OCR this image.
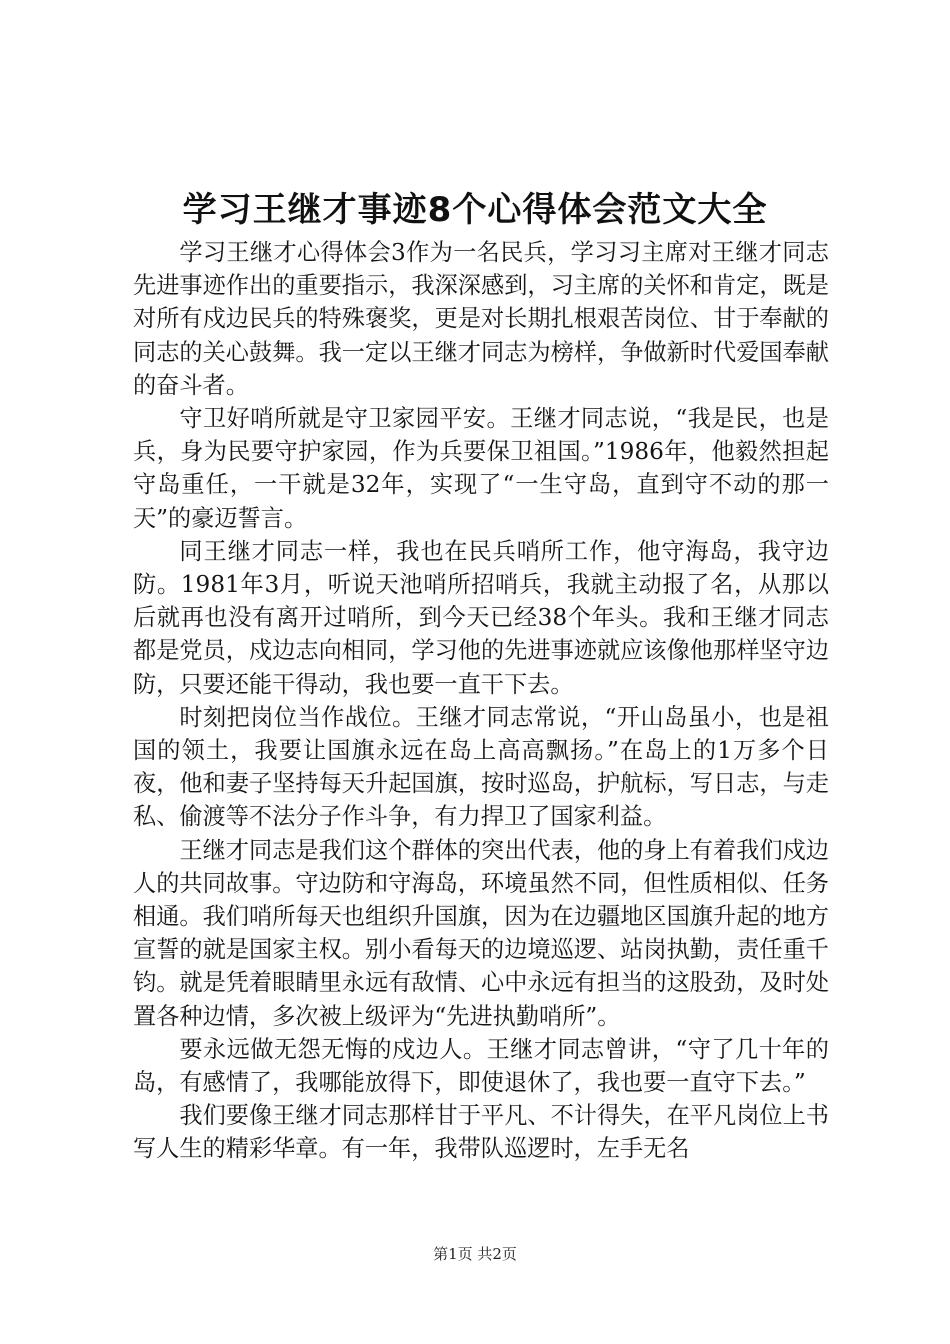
学习王继才事迹8个心得体会范文大全

学习王继才心得体会3作为一名民兵，学习习主席对王继才同志先进事迹作出的重要指示，我深深感到，习主席的关怀和肯定，既是对所有戍边民兵的特殊褒奖，更是对长期扎根艰苦岗位、甘于奉献的同志的关心鼓舞。我一定以王继才同志为榜样，争做新时代爱国奉献的奋斗者。

守卫好哨所就是守卫家园平安。王继才同志说，“我是民，也是兵，身为民要守护家园，作为兵要保卫祖国。”1986年，他毅然担起守岛重任，一干就是32年，实现了“一生守岛，直到守不动的那一天”的豪迈誓言。

同王继才同志一样，我也在民兵哨所工作，他守海岛，我守边防。1981年3月，听说天池哨所招哨兵，我就主动报了名，从那以后就再也没有离开过哨所，到今天已经38个年头。我和王继才同志都是党员，戍边志向相同，学习他的先进事迹就应该像他那样坚守边防，只要还能干得动，我也要一直干下去。

时刻把岗位当作战位。王继才同志常说，“开山岛虽小，也是祖国的领土，我要让国旗永远在岛上高高飘扬。”在岛上的1万多个日夜，他和妻子坚持每天升起国旗，按时巡岛，护航标，写日志，与走私、偷渡等不法分子作斗争，有力捍卫了国家利益。

王继才同志是我们这个群体的突出代表，他的身上有着我们戍边人的共同故事。守边防和守海岛，环境虽然不同，但性质相似、任务相通。我们哨所每天也组织升国旗，因为在边疆地区国旗升起的地方宣誓的就是国家主权。别小看每天的边境巡逻、站岗执勤，责任重千钧。就是凭着眼睛里永远有敌情、心中永远有担当的这股劲，及时处置各种边情，多次被上级评为“先进执勤哨所”。

要永远做无怨无悔的戍边人。王继才同志曾讲，“守了几十年的岛，有感情了，我哪能放得下，即使退休了，我也要一直守下去。”

我们要像王继才同志那样甘于平凡、不计得失，在平凡岗位上书写人生的精彩华章。有一年，我带队巡逻时，左手无名

第1页 共2页
